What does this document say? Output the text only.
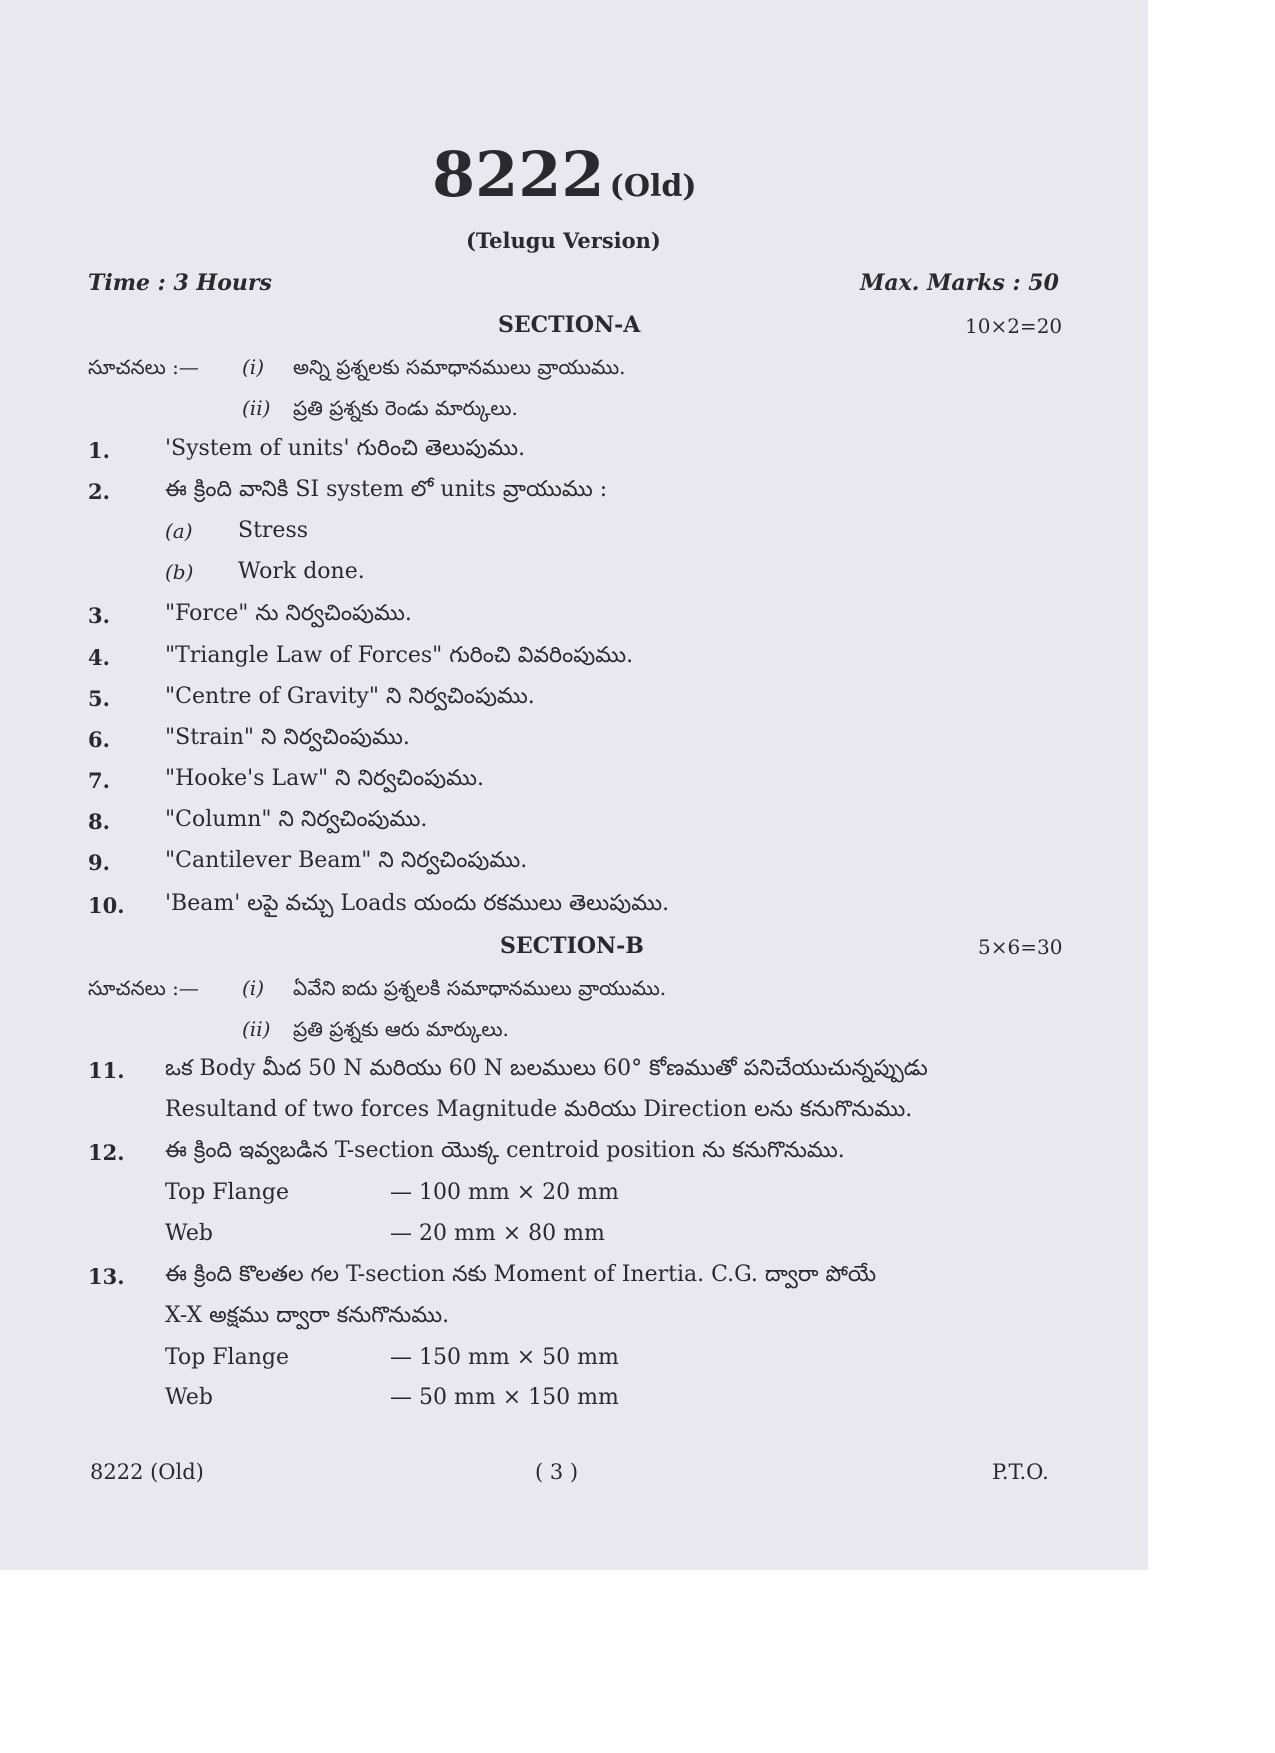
8222 (Old)
(Telugu Version)
Time : 3 Hours	Max. Marks : 50
SECTION-A	10×2=20
సూచనలు :— (i) అన్ని ప్రశ్నలకు సమాధానములు వ్రాయుము.
(ii) ప్రతి ప్రశ్నకు రెండు మార్కులు.
1.	'System of units' గురించి తెలుపుము.
2.	ఈ క్రింది వానికి SI system లో units వ్రాయుము :
(a) Stress
(b) Work done.
3.	"Force" ను నిర్వచింపుము.
4.	"Triangle Law of Forces" గురించి వివరింపుము.
5.	"Centre of Gravity" ని నిర్వచింపుము.
6.	"Strain" ని నిర్వచింపుము.
7.	"Hooke's Law" ని నిర్వచింపుము.
8.	"Column" ని నిర్వచింపుము.
9.	"Cantilever Beam" ని నిర్వచింపుము.
10. 'Beam' లపై వచ్చు Loads యందు రకములు తెలుపుము.
SECTION-B	5×6=30
సూచనలు :— (i) ఏవేని ఐదు ప్రశ్నలకి సమాధానములు వ్రాయుము.
(ii) ప్రతి ప్రశ్నకు ఆరు మార్కులు.
11. ఒక Body మీద 50 N మరియు 60 N బలములు 60° కోణముతో పనిచేయుచున్నప్పుడు
Resultand of two forces Magnitude మరియు Direction లను కనుగొనుము.
12. ఈ క్రింది ఇవ్వబడిన T-section యొక్క centroid position ను కనుగొనుము.
Top Flange	— 100 mm × 20 mm
Web	— 20 mm × 80 mm
13. ఈ క్రింది కొలతల గల T-section నకు Moment of Inertia. C.G. ద్వారా పోయే
X-X అక్షము ద్వారా కనుగొనుము.
Top Flange	— 150 mm × 50 mm
Web	— 50 mm × 150 mm
8222 (Old)	( 3 )	P.T.O.
